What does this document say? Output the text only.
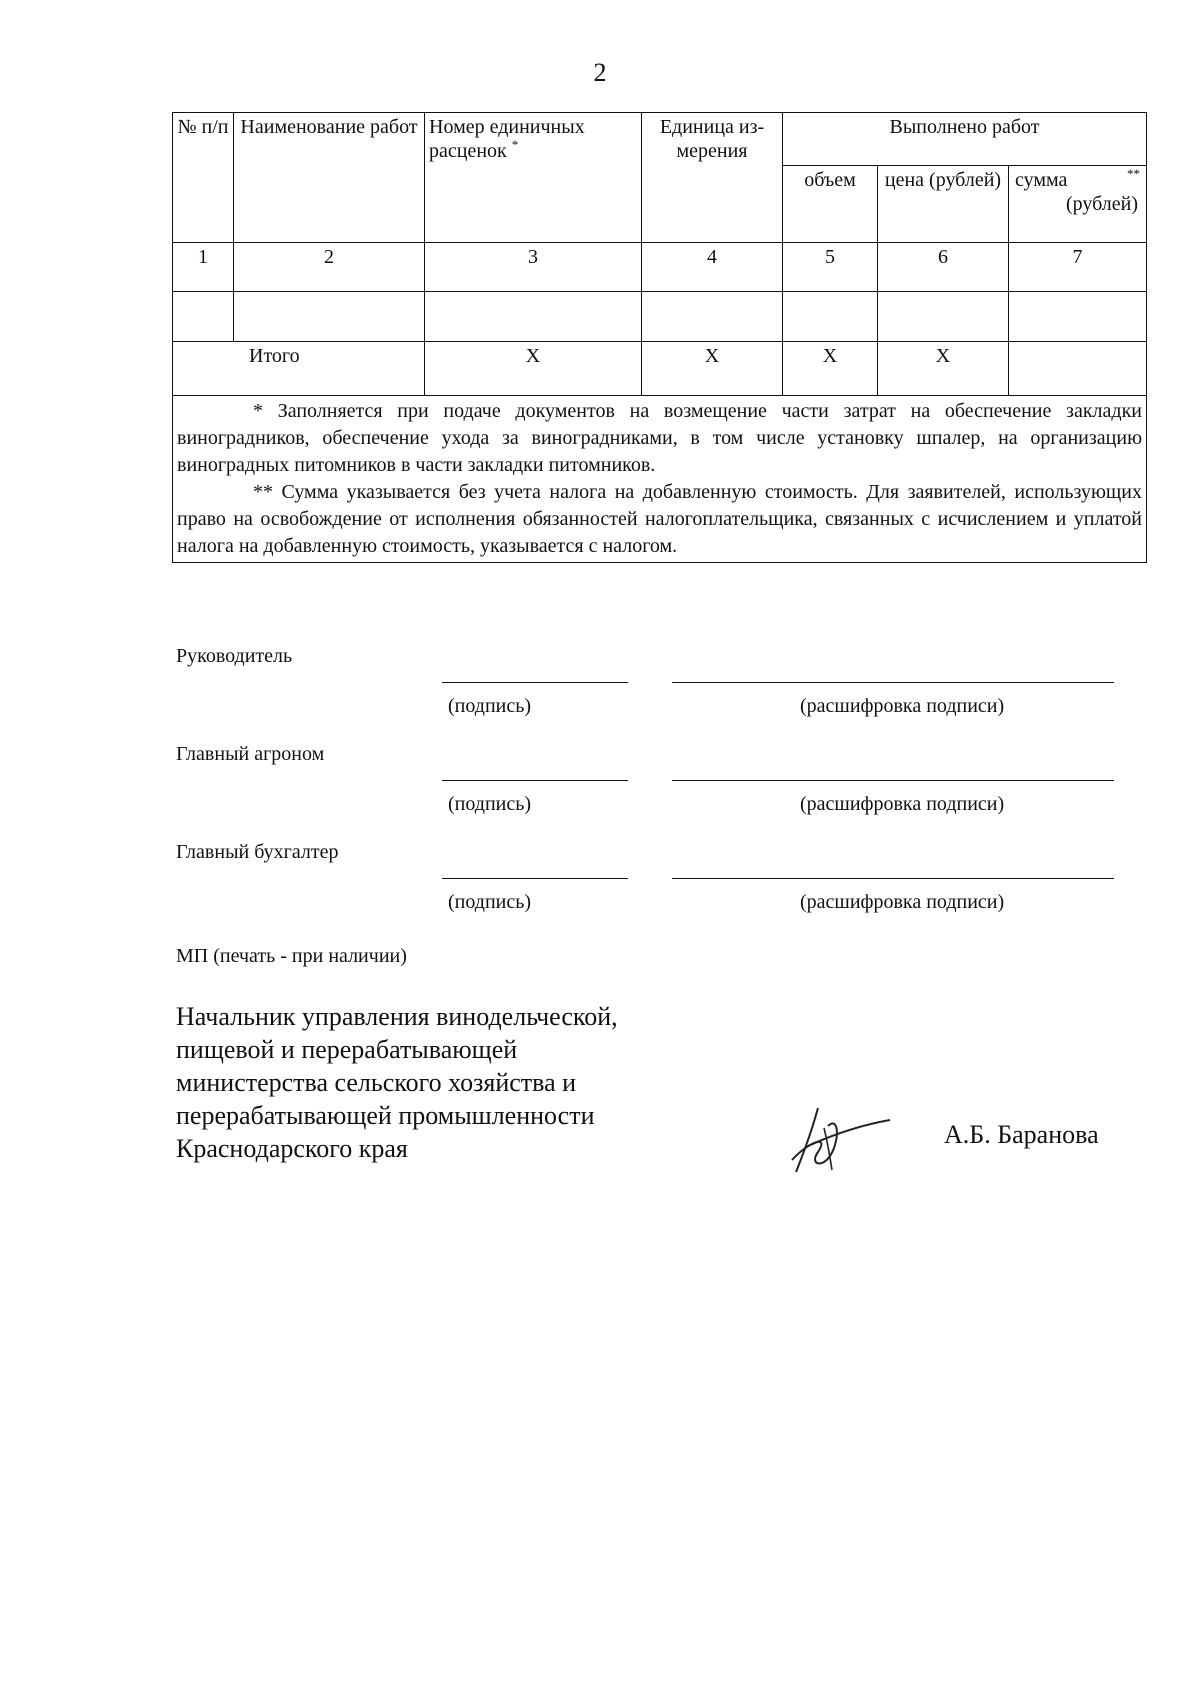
2
№ п/п	Наименование работ	Номер единичных расценок *	Единица из-мерения	Выполнено работ		
				объем	цена (рублей)	сумма **
(рублей)

1	2	3	4	5	6	7

Итого		X	X	X	X	

* Заполняется при подаче документов на возмещение части затрат на обеспечение закладки виноградников, обеспечение ухода за виноградниками, в том числе установку шпалер, на организацию виноградных питомников в части закладки питомников.
** Сумма указывается без учета налога на добавленную стоимость. Для заявителей, использующих право на освобождение от исполнения обязанностей налогоплательщика, связанных с исчислением и уплатой налога на добавленную стоимость, указывается с налогом.						
Руководитель
(подпись)	(расшифровка подписи)
Главный агроном
(подпись)	(расшифровка подписи)
Главный бухгалтер
(подпись)	(расшифровка подписи)
МП (печать - при наличии)
Начальник управления винодельческой,
пищевой и перерабатывающей
министерства сельского хозяйства и
перерабатывающей промышленности
Краснодарского края	А.Б. Баранова
